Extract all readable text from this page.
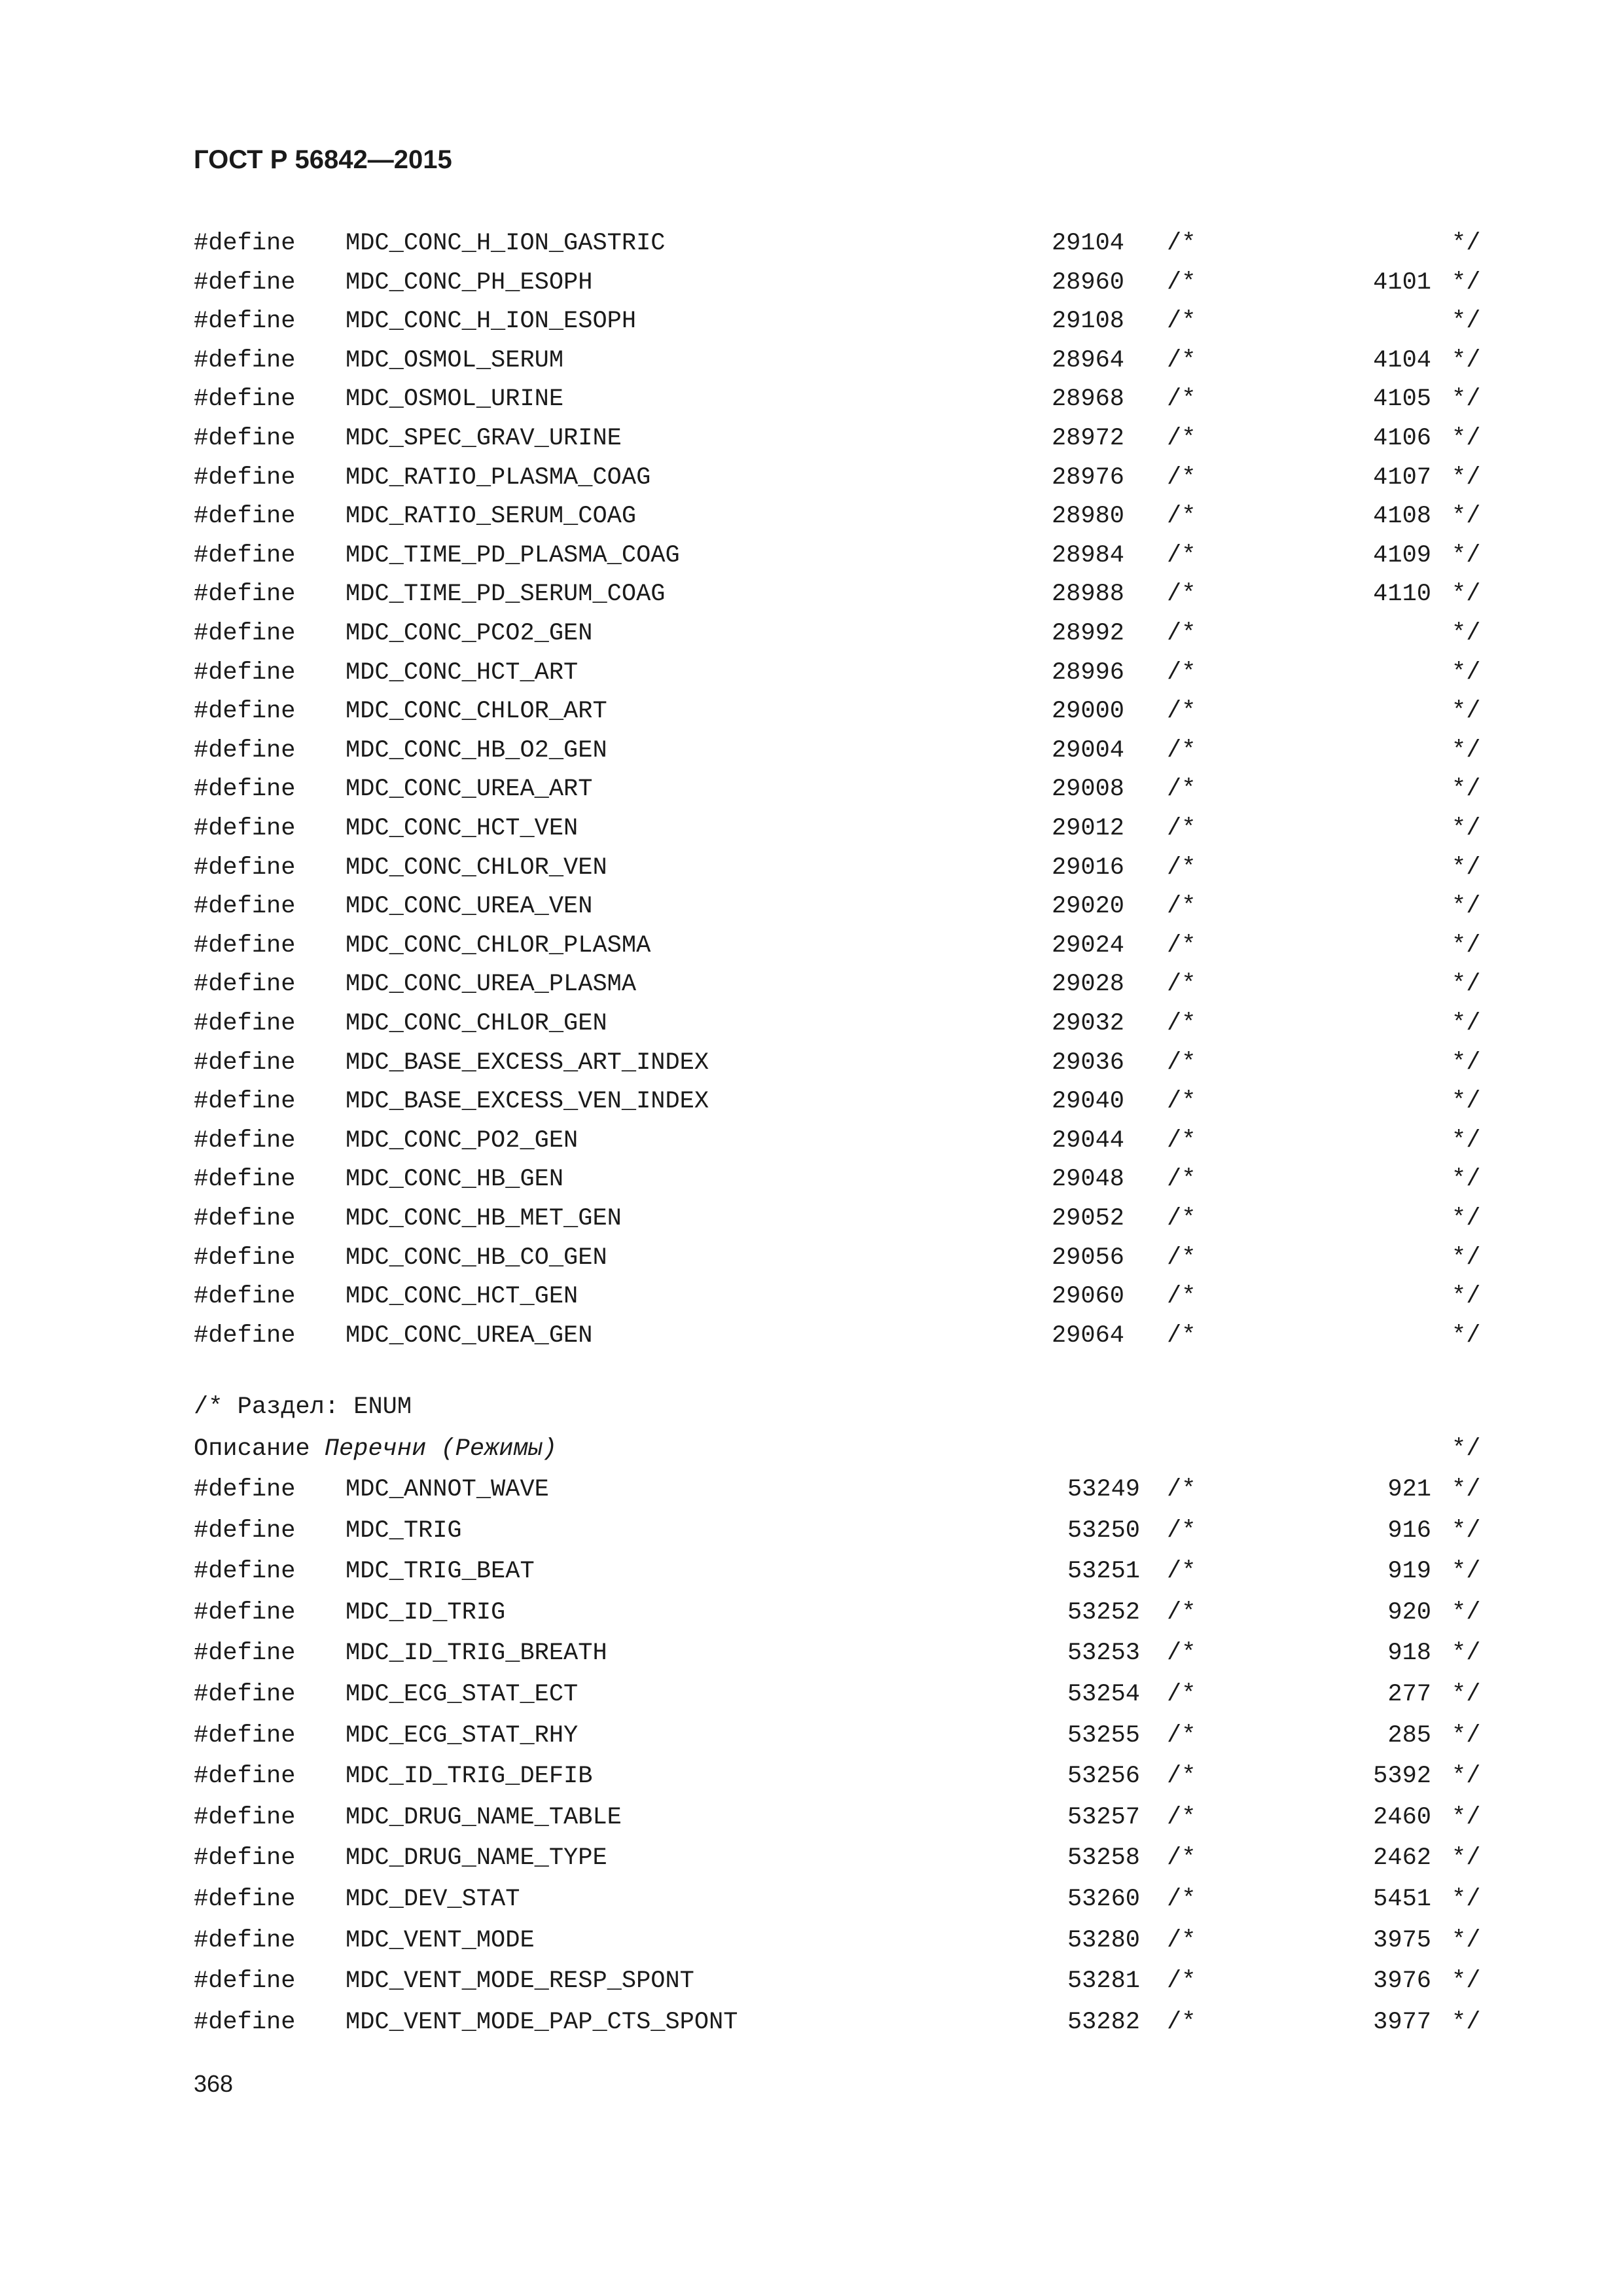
ГОСТ Р 56842—2015
#define MDC_CONC_H_ION_GASTRIC	29104 /*	*/
#define MDC_CONC_PH_ESOPH	28960 /*	4101 */
#define MDC_CONC_H_ION_ESOPH	29108 /*	*/
#define MDC_OSMOL_SERUM	28964 /*	4104 */
#define MDC_OSMOL_URINE	28968 /*	4105 */
#define MDC_SPEC_GRAV_URINE	28972 /*	4106 */
#define MDC_RATIO_PLASMA_COAG	28976 /*	4107 */
#define MDC_RATIO_SERUM_COAG	28980 /*	4108 */
#define MDC_TIME_PD_PLASMA_COAG	28984 /*	4109 */
#define MDC_TIME_PD_SERUM_COAG	28988 /*	4110 */
#define MDC_CONC_PCO2_GEN	28992 /*	*/
#define MDC_CONC_HCT_ART	28996 /*	*/
#define MDC_CONC_CHLOR_ART	29000 /*	*/
#define MDC_CONC_HB_O2_GEN	29004 /*	*/
#define MDC_CONC_UREA_ART	29008 /*	*/
#define MDC_CONC_HCT_VEN	29012 /*	*/
#define MDC_CONC_CHLOR_VEN	29016 /*	*/
#define MDC_CONC_UREA_VEN	29020 /*	*/
#define MDC_CONC_CHLOR_PLASMA	29024 /*	*/
#define MDC_CONC_UREA_PLASMA	29028 /*	*/
#define MDC_CONC_CHLOR_GEN	29032 /*	*/
#define MDC_BASE_EXCESS_ART_INDEX	29036 /*	*/
#define MDC_BASE_EXCESS_VEN_INDEX	29040 /*	*/
#define MDC_CONC_PO2_GEN	29044 /*	*/
#define MDC_CONC_HB_GEN	29048 /*	*/
#define MDC_CONC_HB_MET_GEN	29052 /*	*/
#define MDC_CONC_HB_CO_GEN	29056 /*	*/
#define MDC_CONC_HCT_GEN	29060 /*	*/
#define MDC_CONC_UREA_GEN	29064 /*	*/
/* Раздел: ENUM
Описание Перечни (Режимы)	*/
#define MDC_ANNOT_WAVE	53249 /*	921 */
#define MDC_TRIG	53250 /*	916 */
#define MDC_TRIG_BEAT	53251 /*	919 */
#define MDC_ID_TRIG	53252 /*	920 */
#define MDC_ID_TRIG_BREATH	53253 /*	918 */
#define MDC_ECG_STAT_ECT	53254 /*	277 */
#define MDC_ECG_STAT_RHY	53255 /*	285 */
#define MDC_ID_TRIG_DEFIB	53256 /*	5392 */
#define MDC_DRUG_NAME_TABLE	53257 /*	2460 */
#define MDC_DRUG_NAME_TYPE	53258 /*	2462 */
#define MDC_DEV_STAT	53260 /*	5451 */
#define MDC_VENT_MODE	53280 /*	3975 */
#define MDC_VENT_MODE_RESP_SPONT	53281 /*	3976 */
#define MDC_VENT_MODE_PAP_CTS_SPONT	53282 /*	3977 */
368
